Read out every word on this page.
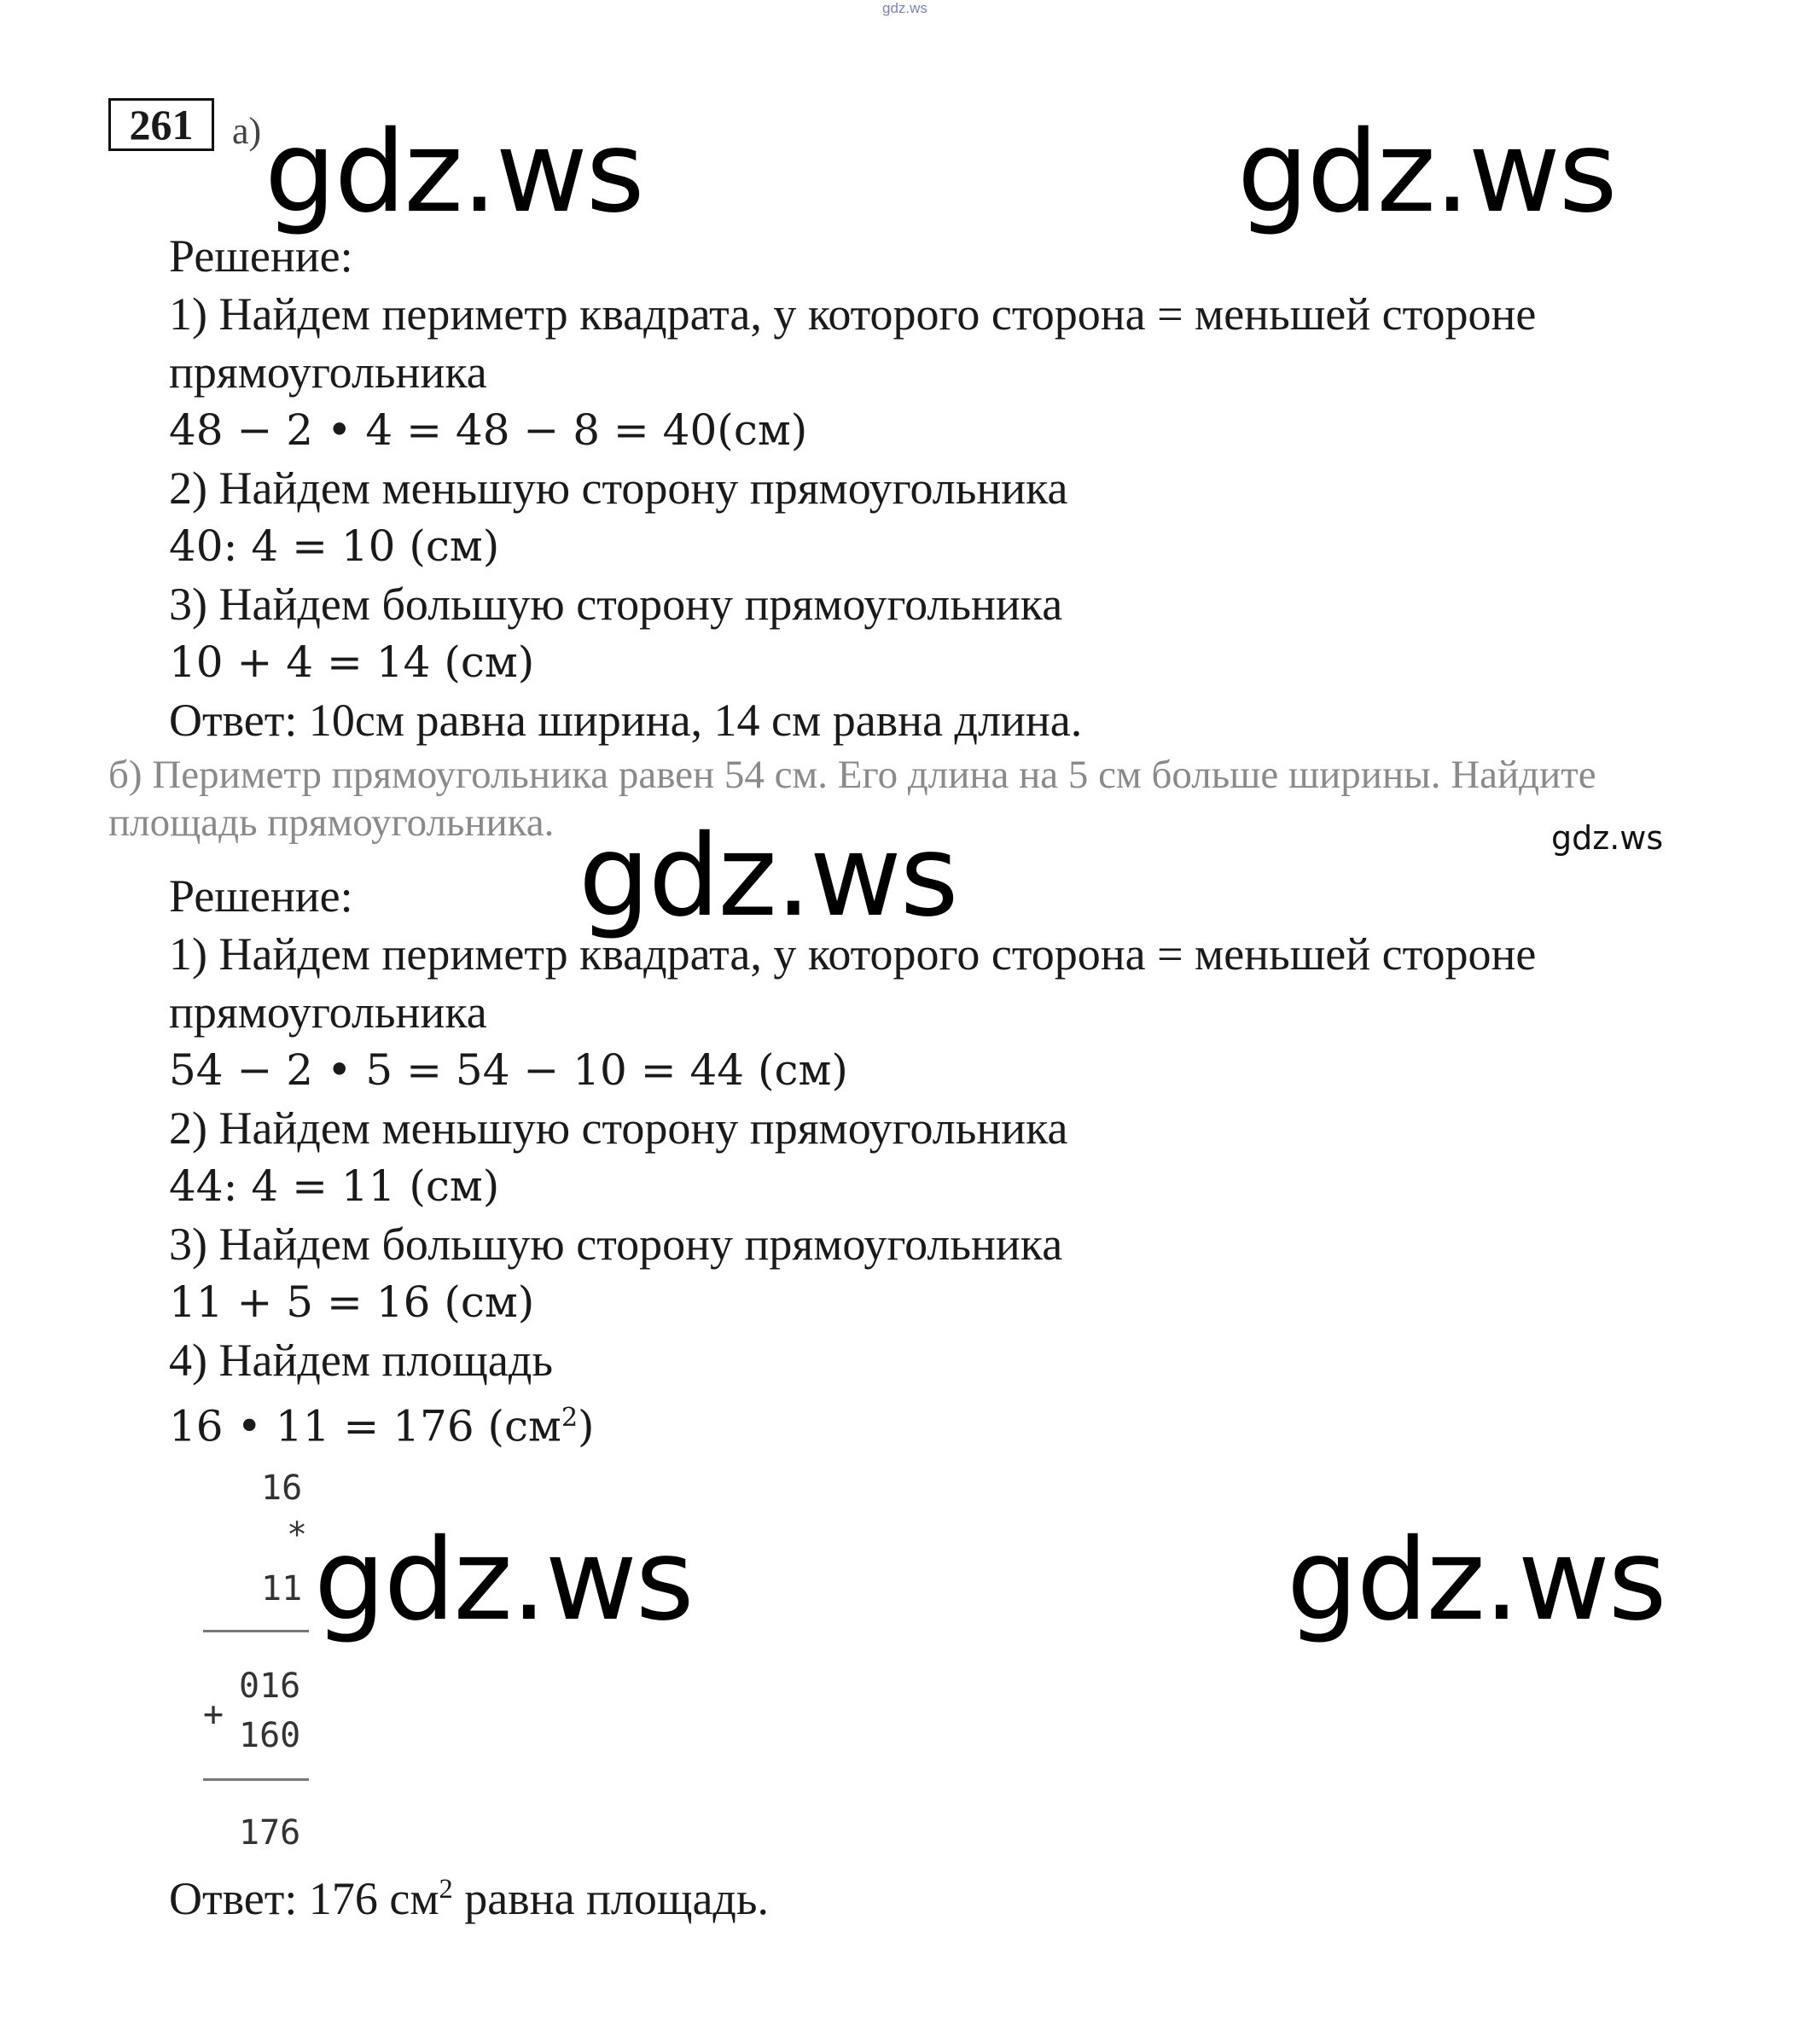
gdz.ws
261	а)
Решение:
1) Найдем периметр квадрата, у которого сторона = меньшей стороне
прямоугольника
48 − 2 • 4 = 48 − 8 = 40(см)
2) Найдем меньшую сторону прямоугольника
40: 4 = 10 (см)
3) Найдем большую сторону прямоугольника
10 + 4 = 14 (см)
Ответ: 10см равна ширина, 14 см равна длина.
б) Периметр прямоугольника равен 54 см. Его длина на 5 см больше ширины. Найдите
площадь прямоугольника.
Решение:
1) Найдем периметр квадрата, у которого сторона = меньшей стороне
прямоугольника
54 − 2 • 5 = 54 − 10 = 44 (см)
2) Найдем меньшую сторону прямоугольника
44: 4 = 11 (см)
3) Найдем большую сторону прямоугольника
11 + 5 = 16 (см)
4) Найдем площадь
16 • 11 = 176 $(см^2)$
16
*
11
016
+
160
176
Ответ: 176 $см^2$ равна площадь.
gdz.ws	gdz.ws
gdz.ws	gdz.ws
gdz.ws	gdz.ws
